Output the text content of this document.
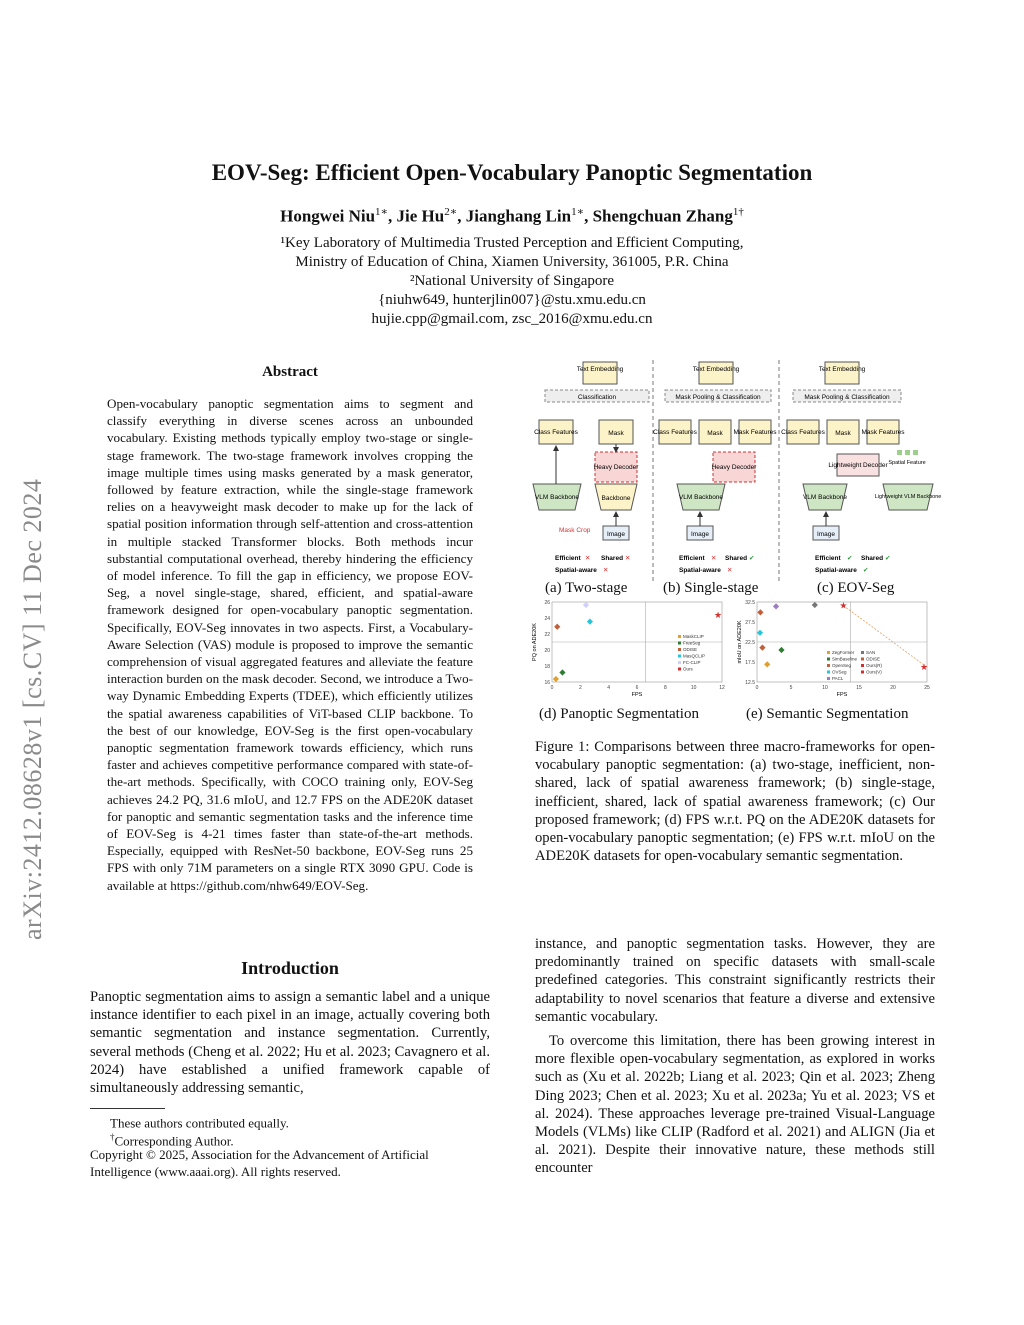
arXiv:2412.08628v1 [cs.CV] 11 Dec 2024
EOV-Seg: Efficient Open-Vocabulary Panoptic Segmentation
Hongwei Niu$^{1∗}$, Jie $Hu^{2∗}$, Jianghang Lin$^{1∗}$, Shengchuan Zhang$^{1\dagger}$
¹Key Laboratory of Multimedia Trusted Perception and Efficient Computing,
Ministry of Education of China, Xiamen University, 361005, P.R. China
²National University of Singapore
{niuhw649, hunterjlin007}@stu.xmu.edu.cn
hujie.cpp@gmail.com, zsc_2016@xmu.edu.cn
Abstract
Open-vocabulary panoptic segmentation aims to segment and classify everything in diverse scenes across an unbounded vocabulary. Existing methods typically employ two-stage or single-stage framework. The two-stage framework involves cropping the image multiple times using masks generated by a mask generator, followed by feature extraction, while the single-stage framework relies on a heavyweight mask decoder to make up for the lack of spatial position information through self-attention and cross-attention in multiple stacked Transformer blocks. Both methods incur substantial computational overhead, thereby hindering the efficiency of model inference. To fill the gap in efficiency, we propose EOV-Seg, a novel single-stage, shared, efficient, and spatial-aware framework designed for open-vocabulary panoptic segmentation. Specifically, EOV-Seg innovates in two aspects. First, a Vocabulary-Aware Selection (VAS) module is proposed to improve the semantic comprehension of visual aggregated features and alleviate the feature interaction burden on the mask decoder. Second, we introduce a Two-way Dynamic Embedding Experts (TDEE), which efficiently utilizes the spatial awareness capabilities of ViT-based CLIP backbone. To the best of our knowledge, EOV-Seg is the first open-vocabulary panoptic segmentation framework towards efficiency, which runs faster and achieves competitive performance compared with state-of-the-art methods. Specifically, with COCO training only, EOV-Seg achieves 24.2 PQ, 31.6 mIoU, and 12.7 FPS on the ADE20K dataset for panoptic and semantic segmentation tasks and the inference time of EOV-Seg is 4-21 times faster than state-of-the-art methods. Especially, equipped with ResNet-50 backbone, EOV-Seg runs 25 FPS with only 71M parameters on a single RTX 3090 GPU. Code is available at https://github.com/nhw649/EOV-Seg.
Introduction
Panoptic segmentation aims to assign a semantic label and a unique instance identifier to each pixel in an image, actually covering both semantic segmentation and instance segmentation. Currently, several methods (Cheng et al. 2022; Hu et al. 2023; Cavagnero et al. 2024) have established a unified framework capable of simultaneously addressing semantic,
These authors contributed equally.
†Corresponding Author.
Copyright © 2025, Association for the Advancement of Artificial Intelligence (www.aaai.org). All rights reserved.
Text Embedding
Classification
Class Features	Mask
Heavy Decoder
VLM Backbone	Backbone
Mask Crop
Image
Efficient ✕ Shared ✕
Spatial-aware ✕
Text Embedding
Mask Pooling & Classification
Class Features Mask Mask Features
Heavy Decoder
VLM Backbone
Image
Efficient ✕ Shared ✔
Spatial-aware ✕
Text Embedding
Mask Pooling & Classification
Class Features Mask Mask Features
Lightweight Decoder Spatial Feature
VLM Backbone	Lightweight VLM Backbone
Image
Efficient ✔ Shared ✔
Spatial-aware ✔
(a) Two-stage (b) Single-stage	(c) EOV-Seg
0	2	4	6	8	10	12
16
18
20
22
24
26
FPS
PQ on ADE20K
★
MaskCLIP
FreeSeg
ODISE
MasQCLIP
FC-CLIP
Ours
0	5	10	15	20	25
12.5
17.5
22.5
27.5
32.5
FPS
mIoU on ADE20K
★
★
ZegFormer
SimBaseline
OpenSeg
OVSeg
PACL
SAN
ODISE
Ours(R)
Ours(V)
(d) Panoptic Segmentation	(e) Semantic Segmentation
Figure 1: Comparisons between three macro-frameworks for open-vocabulary panoptic segmentation: (a) two-stage, inefficient, non-shared, lack of spatial awareness framework; (b) single-stage, inefficient, shared, lack of spatial awareness framework; (c) Our proposed framework; (d) FPS w.r.t. PQ on the ADE20K datasets for open-vocabulary panoptic segmentation; (e) FPS w.r.t. mIoU on the ADE20K datasets for open-vocabulary semantic segmentation.
instance, and panoptic segmentation tasks. However, they are predominantly trained on specific datasets with small-scale predefined categories. This constraint significantly restricts their adaptability to novel scenarios that feature a diverse and extensive semantic vocabulary.
To overcome this limitation, there has been growing interest in more flexible open-vocabulary segmentation, as explored in works such as (Xu et al. 2022b; Liang et al. 2023; Qin et al. 2023; Zheng Ding 2023; Chen et al. 2023; Xu et al. 2023a; Yu et al. 2023; VS et al. 2024). These approaches leverage pre-trained Visual-Language Models (VLMs) like CLIP (Radford et al. 2021) and ALIGN (Jia et al. 2021). Despite their innovative nature, these methods still encounter
